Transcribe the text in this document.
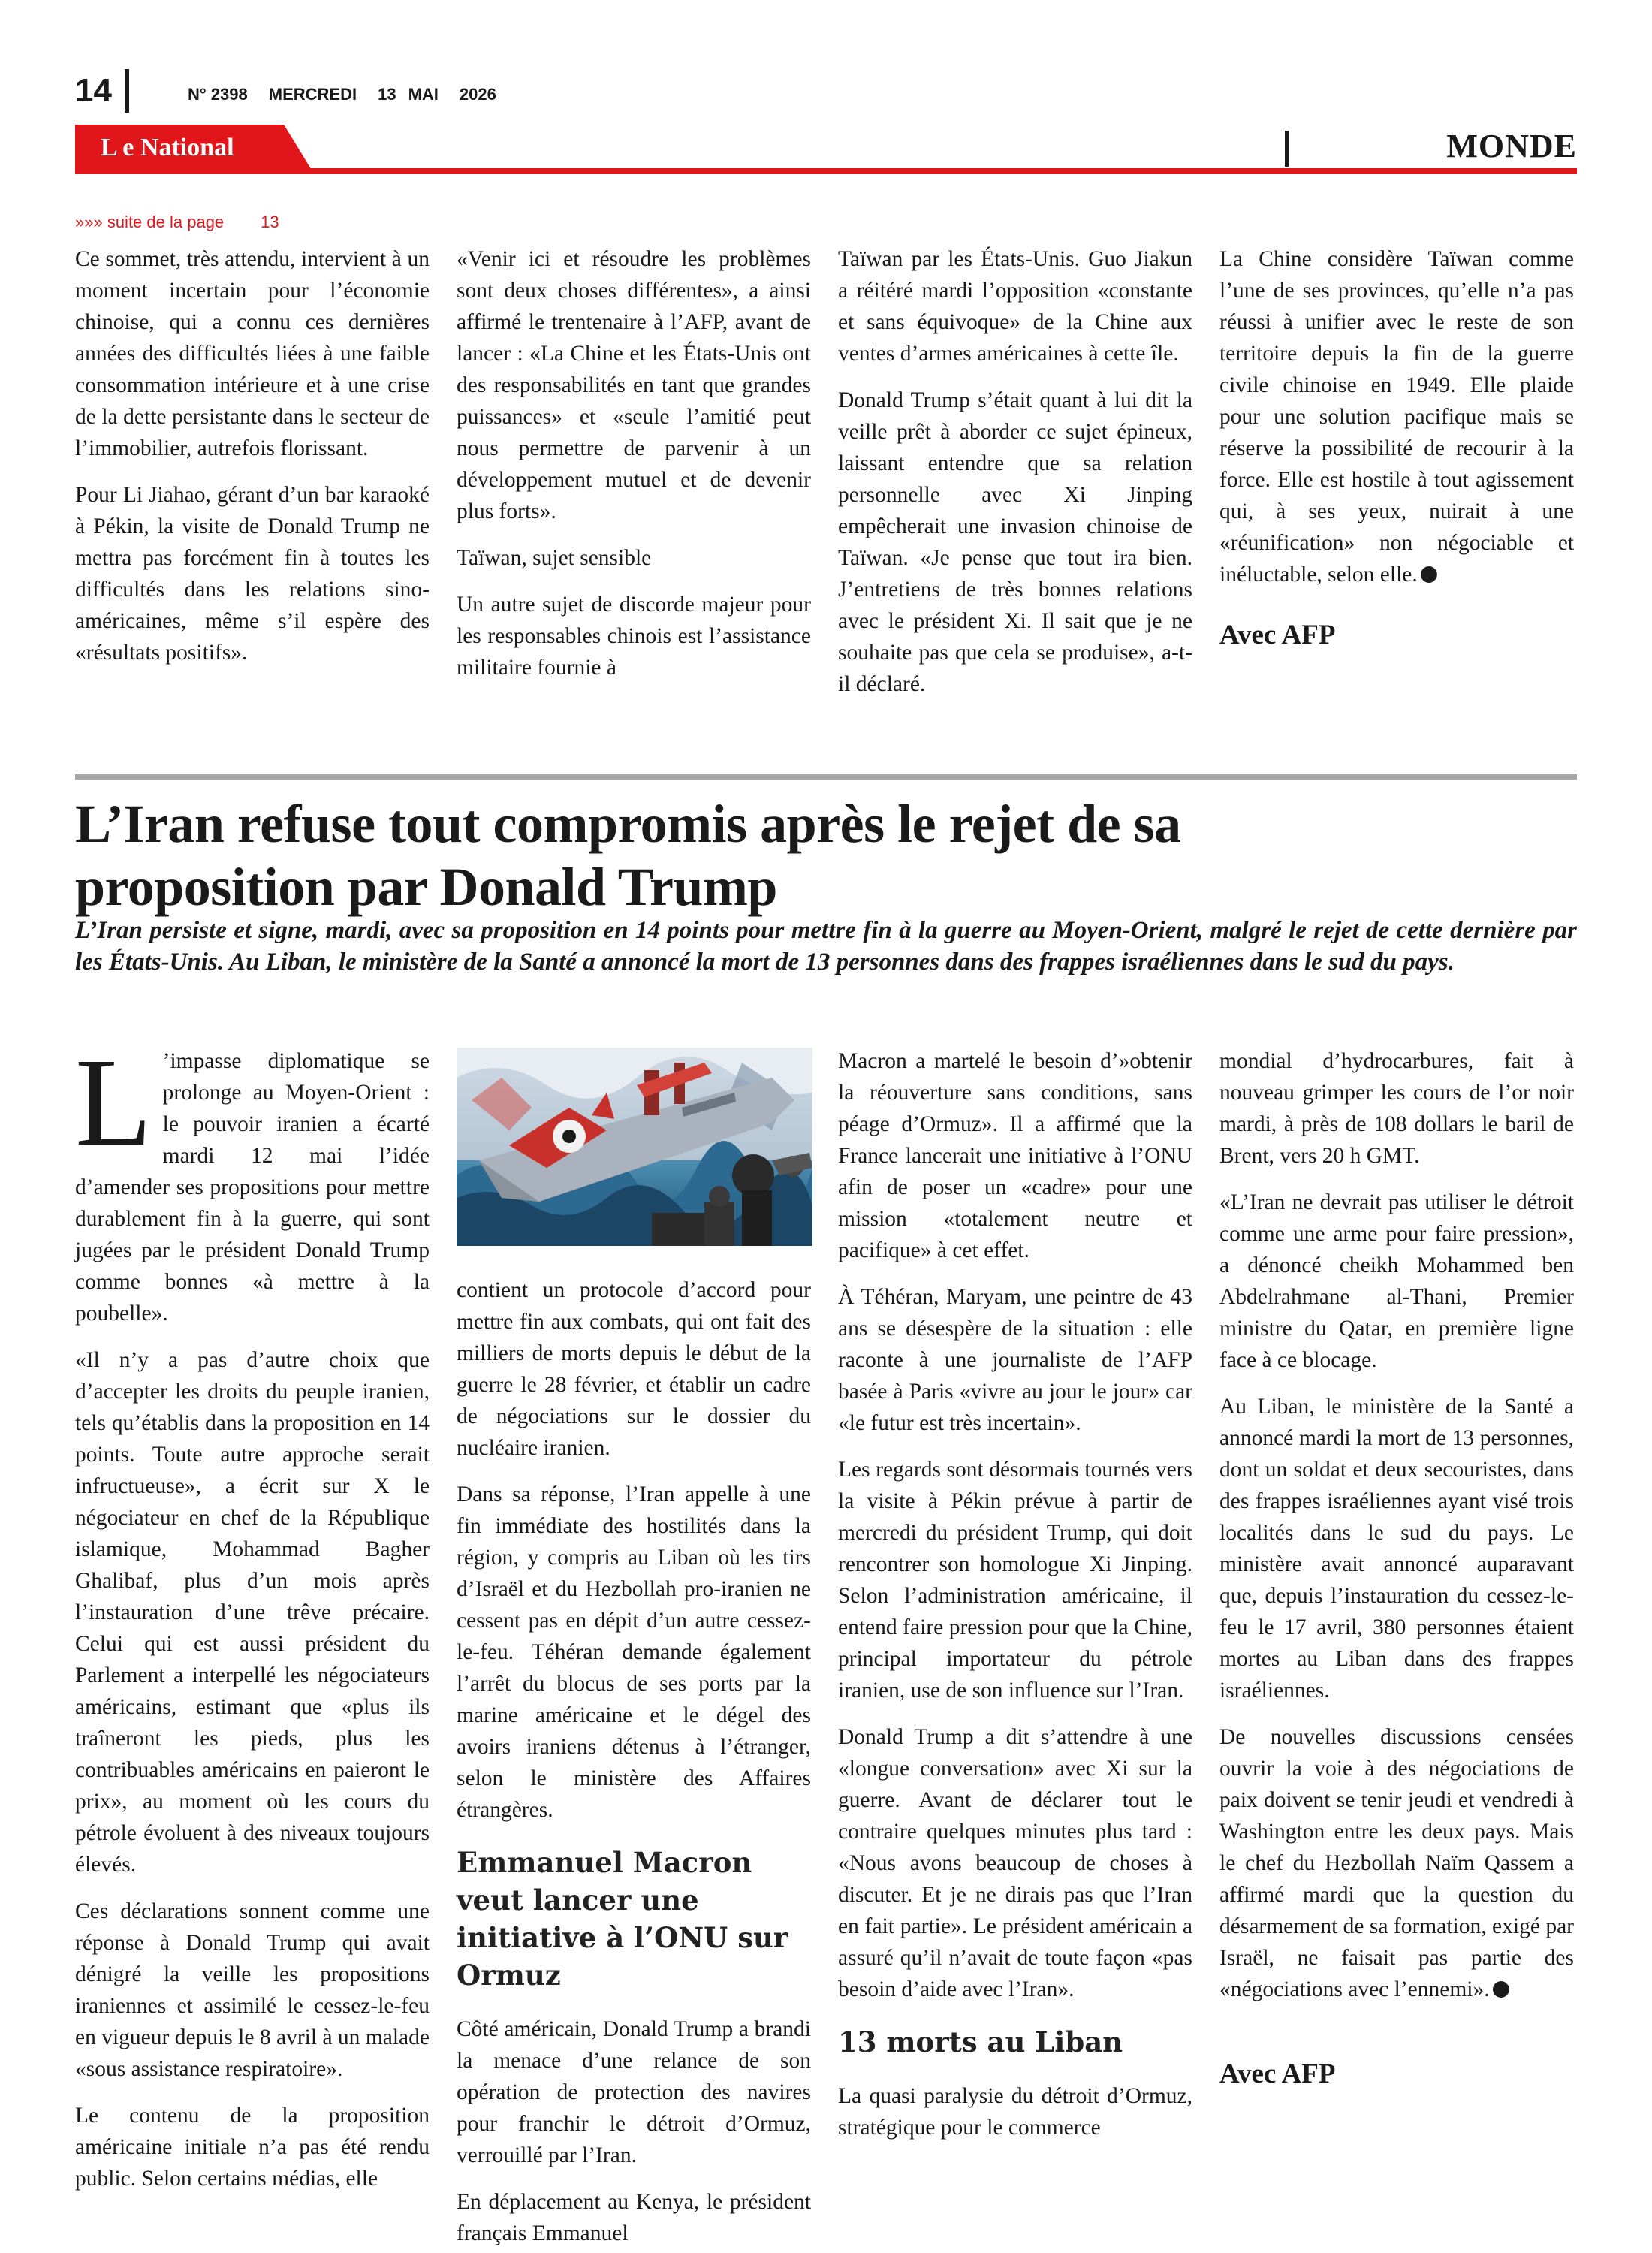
14	N° 2398 MERCREDI 13 MAI 2026
L e National	MONDE
»»» suite de la page 13

Ce sommet, très attendu, intervient à un moment incertain pour l’économie chinoise, qui a connu ces dernières années des difficultés liées à une faible consommation intérieure et à une crise de la dette persistante dans le secteur de l’immobilier, autrefois florissant.

Pour Li Jiahao, gérant d’un bar karaoké à Pékin, la visite de Donald Trump ne mettra pas forcément fin à toutes les difficultés dans les relations sino-américaines, même s’il espère des «résultats positifs».

«Venir ici et résoudre les problèmes sont deux choses différentes», a ainsi affirmé le trentenaire à l’AFP, avant de lancer : «La Chine et les États-Unis ont des responsabilités en tant que grandes puissances» et «seule l’amitié peut nous permettre de parvenir à un développement mutuel et de devenir plus forts».

Taïwan, sujet sensible

Un autre sujet de discorde majeur pour les responsables chinois est l’assistance militaire fournie à

Taïwan par les États-Unis. Guo Jiakun a réitéré mardi l’opposition «constante et sans équivoque» de la Chine aux ventes d’armes américaines à cette île.

Donald Trump s’était quant à lui dit la veille prêt à aborder ce sujet épineux, laissant entendre que sa relation personnelle avec Xi Jinping empêcherait une invasion chinoise de Taïwan. «Je pense que tout ira bien. J’entretiens de très bonnes relations avec le président Xi. Il sait que je ne souhaite pas que cela se produise», a-t-il déclaré.

La Chine considère Taïwan comme l’une de ses provinces, qu’elle n’a pas réussi à unifier avec le reste de son territoire depuis la fin de la guerre civile chinoise en 1949. Elle plaide pour une solution pacifique mais se réserve la possibilité de recourir à la force. Elle est hostile à tout agissement qui, à ses yeux, nuirait à une «réunification» non négociable et inéluctable, selon elle.

Avec AFP

L’Iran refuse tout compromis après le rejet de sa
proposition par Donald Trump

L’Iran persiste et signe, mardi, avec sa proposition en 14 points pour mettre fin à la guerre au Moyen-Orient, malgré le rejet de cette dernière par les États-Unis. Au Liban, le ministère de la Santé a annoncé la mort de 13 personnes dans des frappes israéliennes dans le sud du pays.

L ’impasse diplomatique se prolonge au Moyen-Orient : le pouvoir iranien a écarté mardi 12 mai l’idée d’amender ses propositions pour mettre durablement fin à la guerre, qui sont jugées par le président Donald Trump comme bonnes «à mettre à la poubelle».

«Il n’y a pas d’autre choix que d’accepter les droits du peuple iranien, tels qu’établis dans la proposition en 14 points. Toute autre approche serait infructueuse», a écrit sur X le négociateur en chef de la République islamique, Mohammad Bagher Ghalibaf, plus d’un mois après l’instauration d’une trêve précaire. Celui qui est aussi président du Parlement a interpellé les négociateurs américains, estimant que «plus ils traîneront les pieds, plus les contribuables américains en paieront le prix», au moment où les cours du pétrole évoluent à des niveaux toujours élevés.

Ces déclarations sonnent comme une réponse à Donald Trump qui avait dénigré la veille les propositions iraniennes et assimilé le cessez-le-feu en vigueur depuis le 8 avril à un malade «sous assistance respiratoire».

Le contenu de la proposition américaine initiale n’a pas été rendu public. Selon certains médias, elle

contient un protocole d’accord pour mettre fin aux combats, qui ont fait des milliers de morts depuis le début de la guerre le 28 février, et établir un cadre de négociations sur le dossier du nucléaire iranien.

Dans sa réponse, l’Iran appelle à une fin immédiate des hostilités dans la région, y compris au Liban où les tirs d’Israël et du Hezbollah pro-iranien ne cessent pas en dépit d’un autre cessez-le-feu. Téhéran demande également l’arrêt du blocus de ses ports par la marine américaine et le dégel des avoirs iraniens détenus à l’étranger, selon le ministère des Affaires étrangères.

Emmanuel Macron veut lancer une initiative à l’ONU sur Ormuz

Côté américain, Donald Trump a brandi la menace d’une relance de son opération de protection des navires pour franchir le détroit d’Ormuz, verrouillé par l’Iran.

En déplacement au Kenya, le président français Emmanuel

Macron a martelé le besoin d’»obtenir la réouverture sans conditions, sans péage d’Ormuz». Il a affirmé que la France lancerait une initiative à l’ONU afin de poser un «cadre» pour une mission «totalement neutre et pacifique» à cet effet.

À Téhéran, Maryam, une peintre de 43 ans se désespère de la situation : elle raconte à une journaliste de l’AFP basée à Paris «vivre au jour le jour» car «le futur est très incertain».

Les regards sont désormais tournés vers la visite à Pékin prévue à partir de mercredi du président Trump, qui doit rencontrer son homologue Xi Jinping. Selon l’administration américaine, il entend faire pression pour que la Chine, principal importateur du pétrole iranien, use de son influence sur l’Iran.

Donald Trump a dit s’attendre à une «longue conversation» avec Xi sur la guerre. Avant de déclarer tout le contraire quelques minutes plus tard : «Nous avons beaucoup de choses à discuter. Et je ne dirais pas que l’Iran en fait partie». Le président américain a assuré qu’il n’avait de toute façon «pas besoin d’aide avec l’Iran».

13 morts au Liban

La quasi paralysie du détroit d’Ormuz, stratégique pour le commerce

mondial d’hydrocarbures, fait à nouveau grimper les cours de l’or noir mardi, à près de 108 dollars le baril de Brent, vers 20 h GMT.

«L’Iran ne devrait pas utiliser le détroit comme une arme pour faire pression», a dénoncé cheikh Mohammed ben Abdelrahmane al-Thani, Premier ministre du Qatar, en première ligne face à ce blocage.

Au Liban, le ministère de la Santé a annoncé mardi la mort de 13 personnes, dont un soldat et deux secouristes, dans des frappes israéliennes ayant visé trois localités dans le sud du pays. Le ministère avait annoncé auparavant que, depuis l’instauration du cessez-le-feu le 17 avril, 380 personnes étaient mortes au Liban dans des frappes israéliennes.

De nouvelles discussions censées ouvrir la voie à des négociations de paix doivent se tenir jeudi et vendredi à Washington entre les deux pays. Mais le chef du Hezbollah Naïm Qassem a affirmé mardi que la question du désarmement de sa formation, exigé par Israël, ne faisait pas partie des «négociations avec l’ennemi».

Avec AFP
